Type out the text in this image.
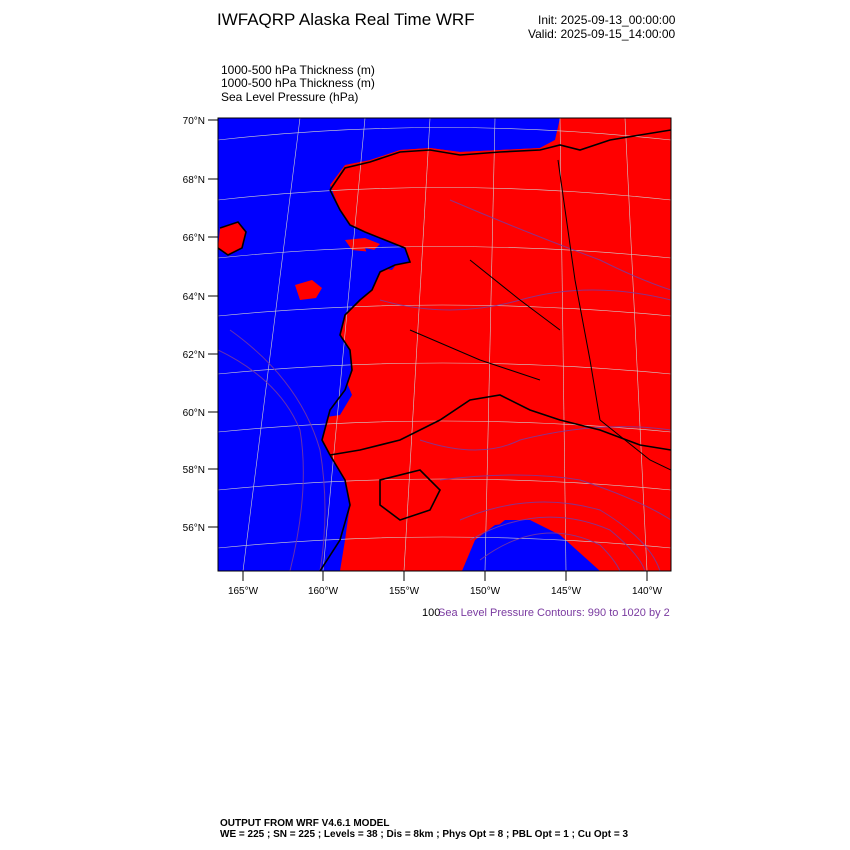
IWFAQRP Alaska Real Time WRF	Init: 2025-09-13_00:00:00
Valid: 2025-09-15_14:00:00
1000-500 hPa Thickness (m)
1000-500 hPa Thickness (m)
Sea Level Pressure (hPa)
70°N
68°N
66°N
64°N
62°N
60°N
58°N
56°N
165°W	160°W	155°W	150°W	145°W	140°W
100
Sea Level Pressure Contours: 990 to 1020 by 2
OUTPUT FROM WRF V4.6.1 MODEL
WE = 225 ; SN = 225 ; Levels = 38 ; Dis = 8km ; Phys Opt = 8 ; PBL Opt = 1 ; Cu Opt = 3
